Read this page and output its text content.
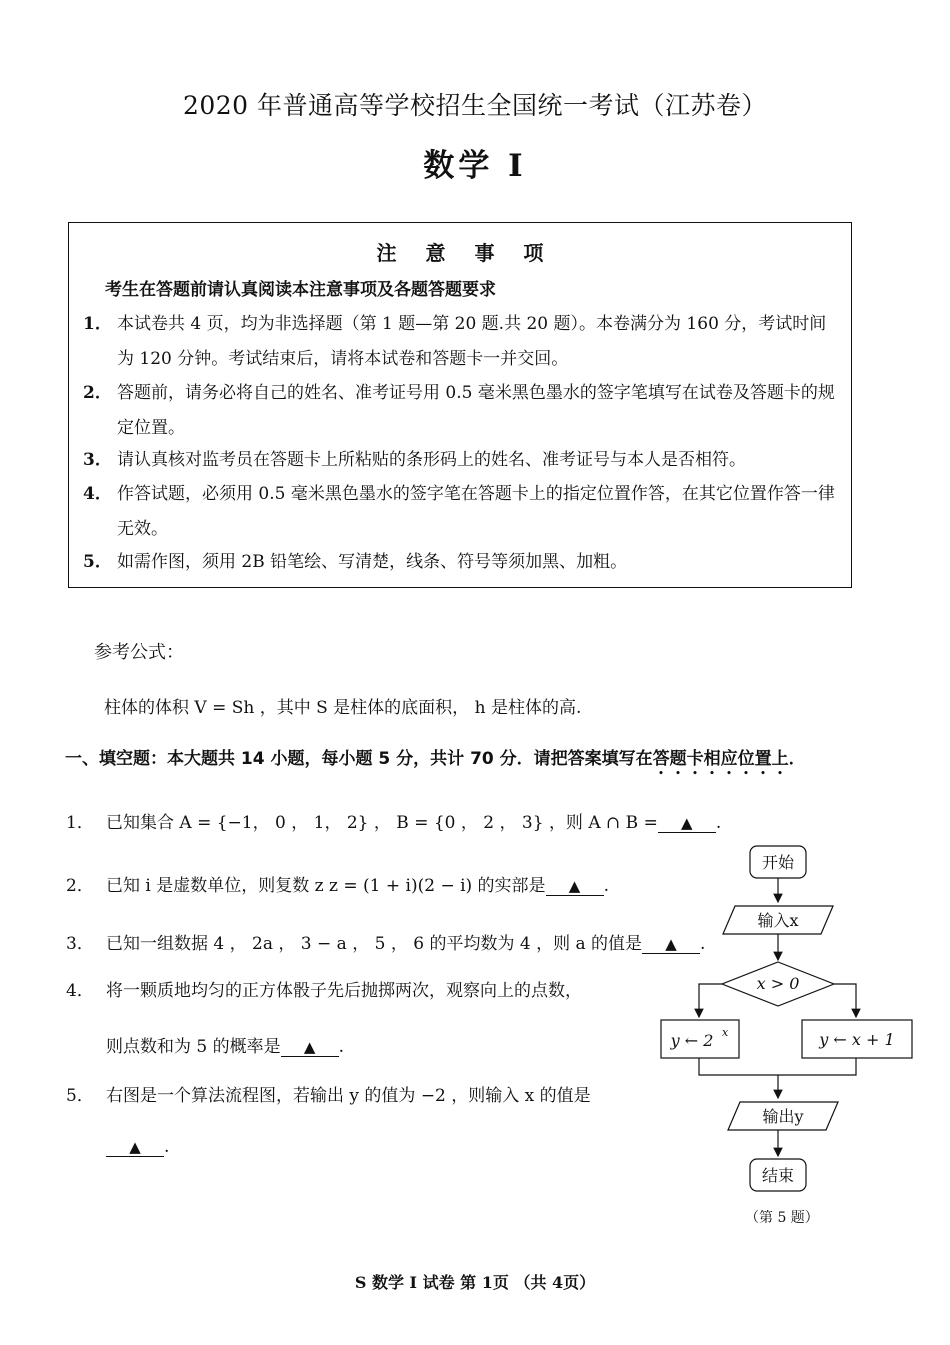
2020 年普通高等学校招生全国统一考试（江苏卷）
数学 I
注 意 事 项
考生在答题前请认真阅读本注意事项及各题答题要求
1． 本试卷共 4 页，均为非选择题（第 1 题—第 20 题.共 20 题）。本卷满分为 160 分，考试时间为 120 分钟。考试结束后，请将本试卷和答题卡一并交回。
2． 答题前，请务必将自己的姓名、准考证号用 0.5 毫米黑色墨水的签字笔填写在试卷及答题卡的规定位置。
3． 请认真核对监考员在答题卡上所粘贴的条形码上的姓名、准考证号与本人是否相符。
4． 作答试题，必须用 0.5 毫米黑色墨水的签字笔在答题卡上的指定位置作答，在其它位置作答一律无效。
5． 如需作图，须用 2B 铅笔绘、写清楚，线条、符号等须加黑、加粗。
参考公式：
柱体的体积 V = Sh ，其中 S 是柱体的底面积， h 是柱体的高.
一、填空题：本大题共 14 小题，每小题 5 分，共计 70 分．请把答案填写在答题卡相应位置上．
1． 已知集合 A = {−1， 0 ， 1， 2} ， B = {0 ， 2 ， 3} ，则 A ∩ B = ▲ .
2． 已知 i 是虚数单位，则复数 z z = (1 + i)(2 − i) 的实部是 ▲ .
3． 已知一组数据 4 ， 2a ， 3 − a ， 5 ， 6 的平均数为 4 ，则 a 的值是 ▲ .
4． 将一颗质地均匀的正方体骰子先后抛掷两次，观察向上的点数，
则点数和为 5 的概率是 ▲ .
5． 右图是一个算法流程图，若输出 y 的值为 −2 ，则输入 x 的值是
▲ .
开始
输入x
x > 0
y ← 2 x	y ← x + 1
输出y
结束
（第 5 题）
S 数学 I 试卷 第 1页 （共 4页）
